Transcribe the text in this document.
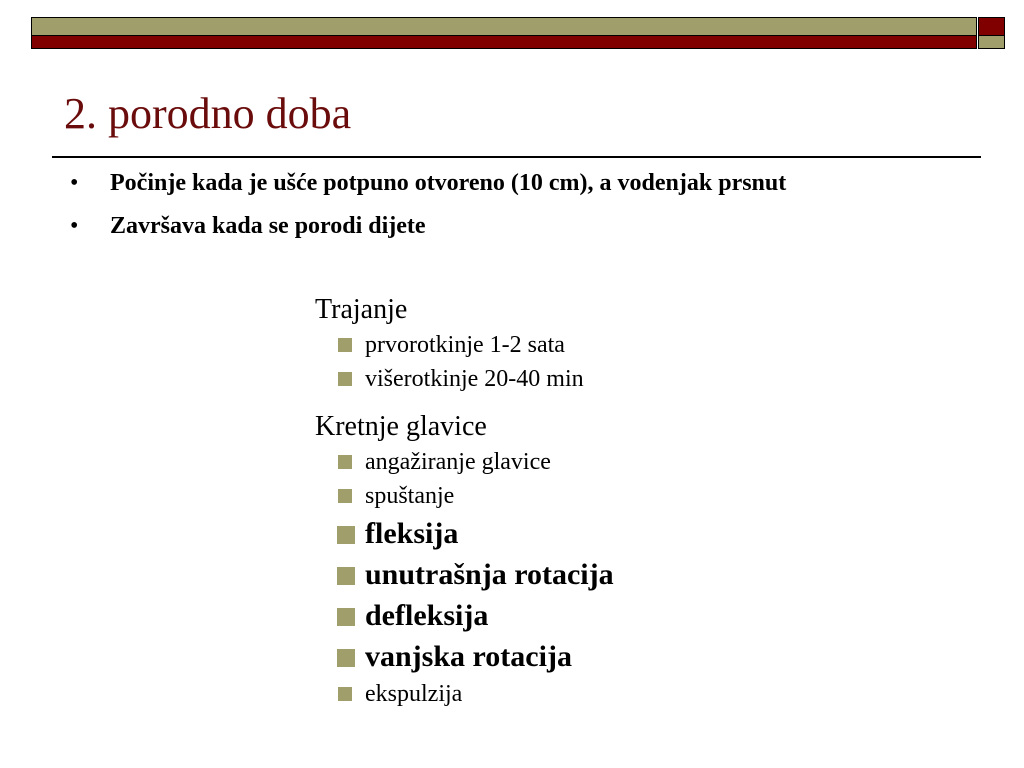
2. porodno doba
• Počinje kada je ušće potpuno otvoreno (10 cm), a vodenjak prsnut
• Završava kada se porodi dijete
Trajanje
prvorotkinje 1-2 sata
višerotkinje 20-40 min
Kretnje glavice
angažiranje glavice
spuštanje
fleksija
unutrašnja rotacija
defleksija
vanjska rotacija
ekspulzija
